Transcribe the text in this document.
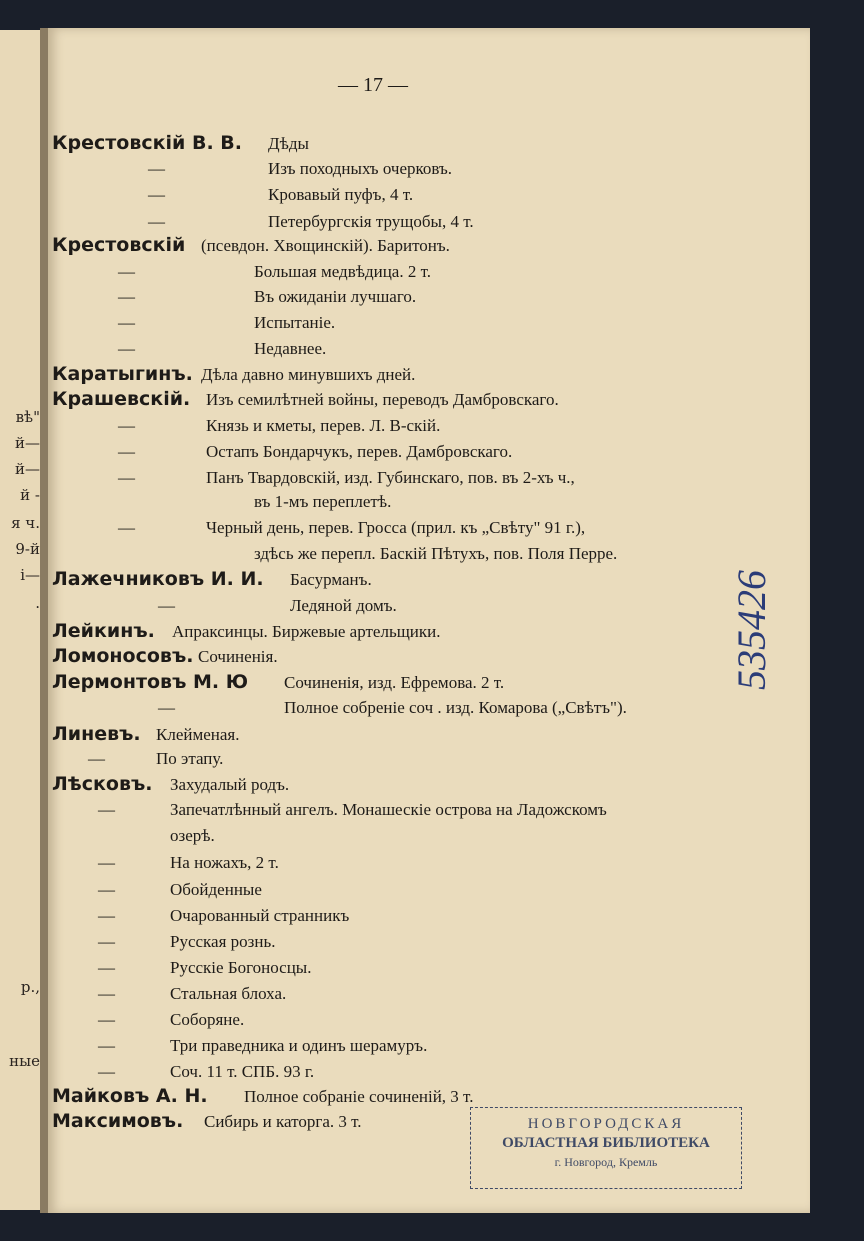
вѣ"
й—
й—
й -
я ч.
9-й
і—
.
р.,
ные
— 17 —
Крестовскій В. В. Дѣды
—	Изъ походныхъ очерковъ.
—	Кровавый пуфъ, 4 т.
—	Петербургскія трущобы, 4 т.
Крестовскій (псевдон. Хвощинскій). Баритонъ.
—	Большая медвѣдица. 2 т.
—	Въ ожиданіи лучшаго.
—	Испытаніе.
—	Недавнее.
Каратыгинъ. Дѣла давно минувшихъ дней.
Крашевскій. Изъ семилѣтней войны, переводъ Дамбровскаго.
—	Князь и кметы, перев. Л. В-скій.
—	Остапъ Бондарчукъ, перев. Дамбровскаго.
—	Панъ Твардовскій, изд. Губинскаго, пов. въ 2-хъ ч.,
въ 1-мъ переплетѣ.
—	Черный день, перев. Гросса (прил. къ „Свѣту" 91 г.),
здѣсь же перепл. Баскій Пѣтухъ, пов. Поля Перре.
Лажечниковъ И. И. Басурманъ.
—	Ледяной домъ.
Лейкинъ. Апраксинцы. Биржевые артельщики.
Ломоносовъ. Сочиненія.
Лермонтовъ М. Ю Сочиненія, изд. Ефремова. 2 т.
—	Полное собреніе соч . изд. Комарова („Свѣтъ").
Линевъ. Клейменая.
—	По этапу.
Лѣсковъ. Захудалый родъ.
—	Запечатлѣнный ангелъ. Монашескіе острова на Ладожскомъ
озерѣ.
—	На ножахъ, 2 т.
—	Обойденные
—	Очарованный странникъ
—	Русская рознь.
—	Русскіе Богоносцы.
—	Стальная блоха.
—	Соборяне.
—	Три праведника и одинъ шерамуръ.
—	Соч. 11 т. СПБ. 93 г.
Майковъ А. Н. Полное собраніе сочиненій, 3 т.
Максимовъ. Сибирь и каторга. 3 т.	НОВГОРОДСКАЯ
ОБЛАСТНАЯ БИБЛИОТЕКА
г. Новгород, Кремль
535426
